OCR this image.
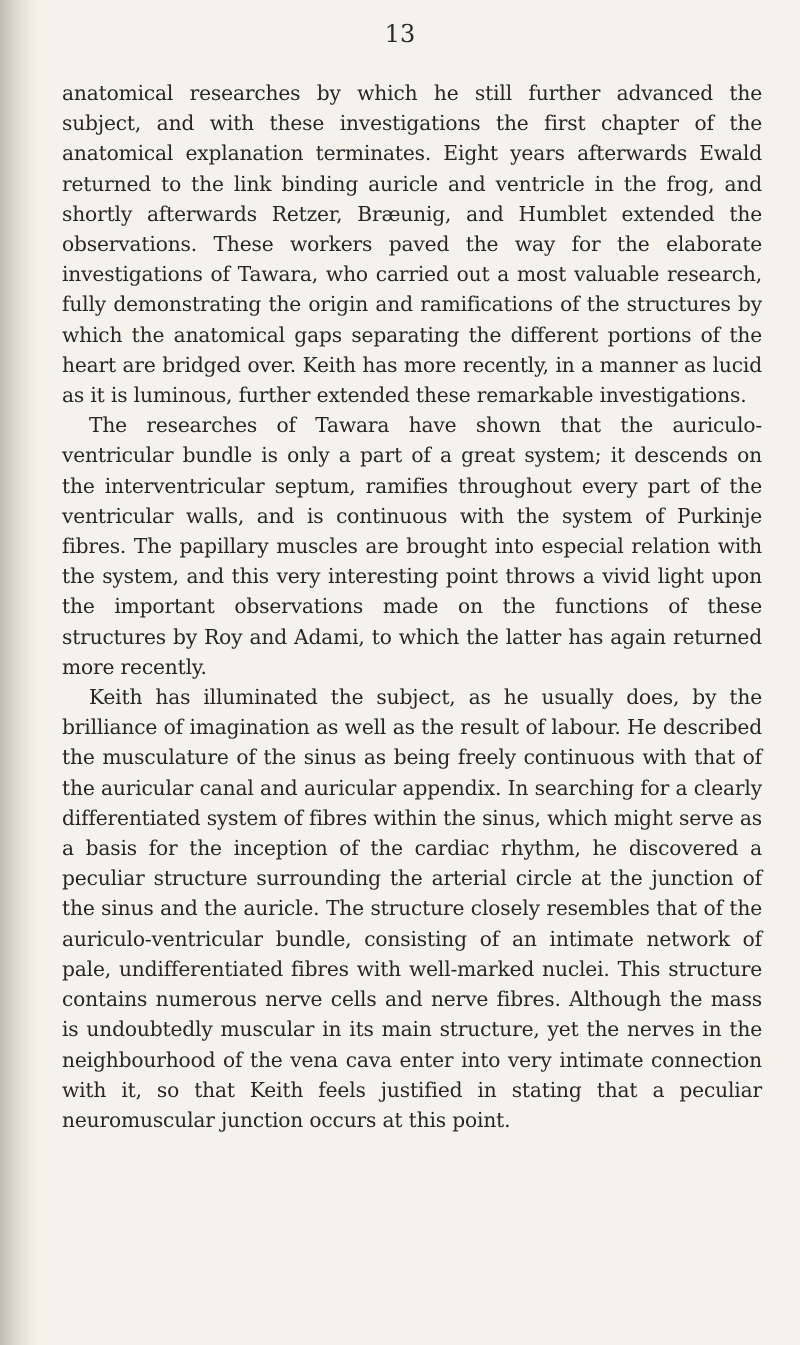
13

anatomical researches by which he still further advanced the subject, and with these investigations the first chapter of the anatomical explanation terminates. Eight years afterwards Ewald returned to the link binding auricle and ventricle in the frog, and shortly afterwards Retzer, Bræunig, and Humblet extended the observations. These workers paved the way for the elaborate investigations of Tawara, who carried out a most valuable research, fully demonstrating the origin and ramifications of the structures by which the anatomical gaps separating the different portions of the heart are bridged over. Keith has more recently, in a manner as lucid as it is luminous, further extended these remarkable investigations.

The researches of Tawara have shown that the auriculo-ventricular bundle is only a part of a great system; it descends on the interventricular septum, ramifies throughout every part of the ventricular walls, and is continuous with the system of Purkinje fibres. The papillary muscles are brought into especial relation with the system, and this very interesting point throws a vivid light upon the important observations made on the functions of these structures by Roy and Adami, to which the latter has again returned more recently.

Keith has illuminated the subject, as he usually does, by the brilliance of imagination as well as the result of labour. He described the musculature of the sinus as being freely continuous with that of the auricular canal and auricular appendix. In searching for a clearly differentiated system of fibres within the sinus, which might serve as a basis for the inception of the cardiac rhythm, he discovered a peculiar structure surrounding the arterial circle at the junction of the sinus and the auricle. The structure closely resembles that of the auriculo-ventricular bundle, consisting of an intimate network of pale, undifferentiated fibres with well-marked nuclei. This structure contains numerous nerve cells and nerve fibres. Although the mass is undoubtedly muscular in its main structure, yet the nerves in the neighbourhood of the vena cava enter into very intimate connection with it, so that Keith feels justified in stating that a peculiar neuromuscular junction occurs at this point.
